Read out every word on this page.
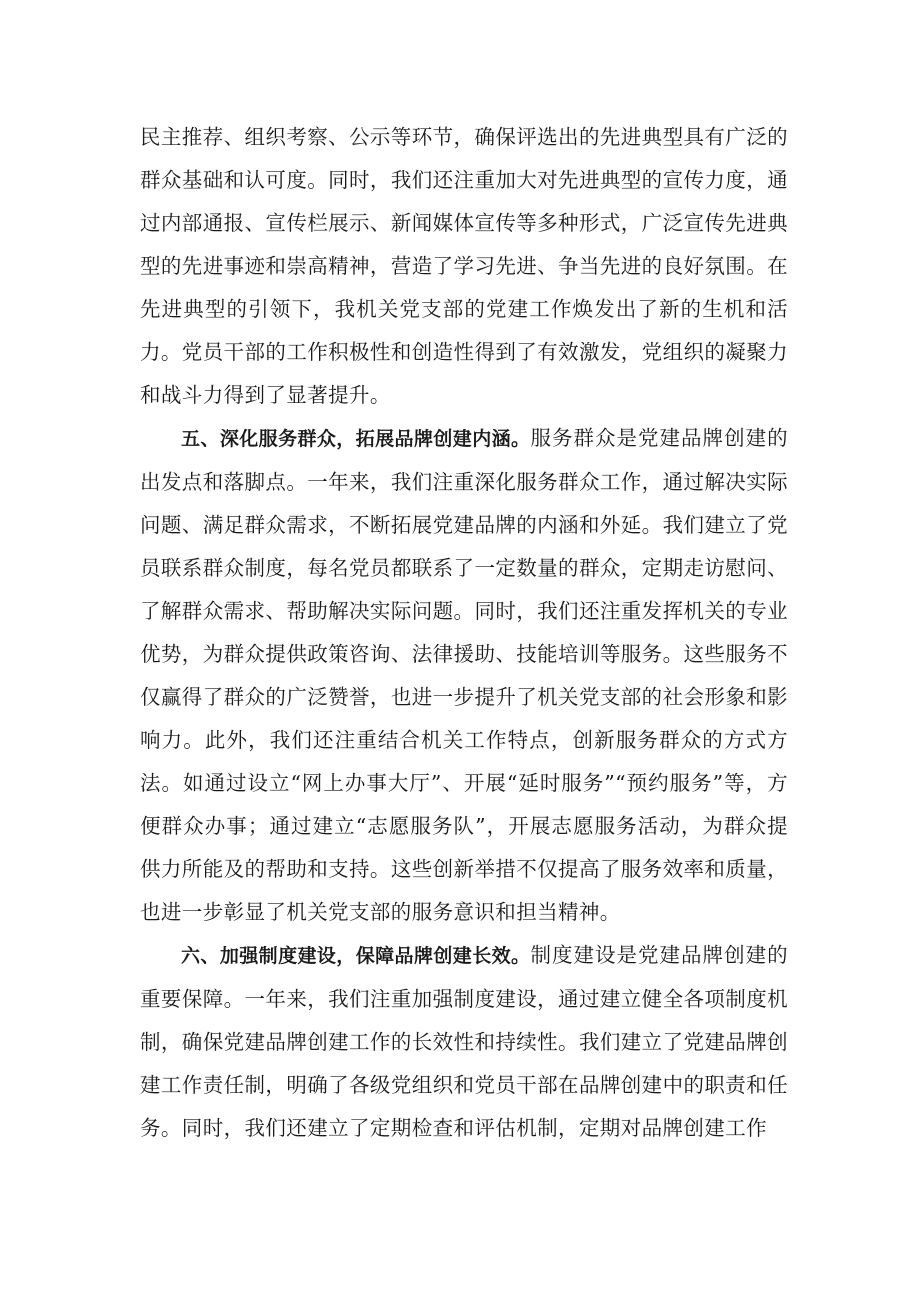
民主推荐、组织考察、公示等环节，确保评选出的先进典型具有广泛的群众基础和认可度。同时，我们还注重加大对先进典型的宣传力度，通过内部通报、宣传栏展示、新闻媒体宣传等多种形式，广泛宣传先进典型的先进事迹和崇高精神，营造了学习先进、争当先进的良好氛围。在先进典型的引领下，我机关党支部的党建工作焕发出了新的生机和活力。党员干部的工作积极性和创造性得到了有效激发，党组织的凝聚力和战斗力得到了显著提升。

五、深化服务群众，拓展品牌创建内涵。服务群众是党建品牌创建的出发点和落脚点。一年来，我们注重深化服务群众工作，通过解决实际问题、满足群众需求，不断拓展党建品牌的内涵和外延。我们建立了党员联系群众制度，每名党员都联系了一定数量的群众，定期走访慰问、了解群众需求、帮助解决实际问题。同时，我们还注重发挥机关的专业优势，为群众提供政策咨询、法律援助、技能培训等服务。这些服务不仅赢得了群众的广泛赞誉，也进一步提升了机关党支部的社会形象和影响力。此外，我们还注重结合机关工作特点，创新服务群众的方式方法。如通过设立“网上办事大厅”、开展“延时服务”“预约服务”等，方便群众办事；通过建立“志愿服务队”，开展志愿服务活动，为群众提供力所能及的帮助和支持。这些创新举措不仅提高了服务效率和质量，也进一步彰显了机关党支部的服务意识和担当精神。

六、加强制度建设，保障品牌创建长效。制度建设是党建品牌创建的重要保障。一年来，我们注重加强制度建设，通过建立健全各项制度机制，确保党建品牌创建工作的长效性和持续性。我们建立了党建品牌创建工作责任制，明确了各级党组织和党员干部在品牌创建中的职责和任务。同时，我们还建立了定期检查和评估机制，定期对品牌创建工作
